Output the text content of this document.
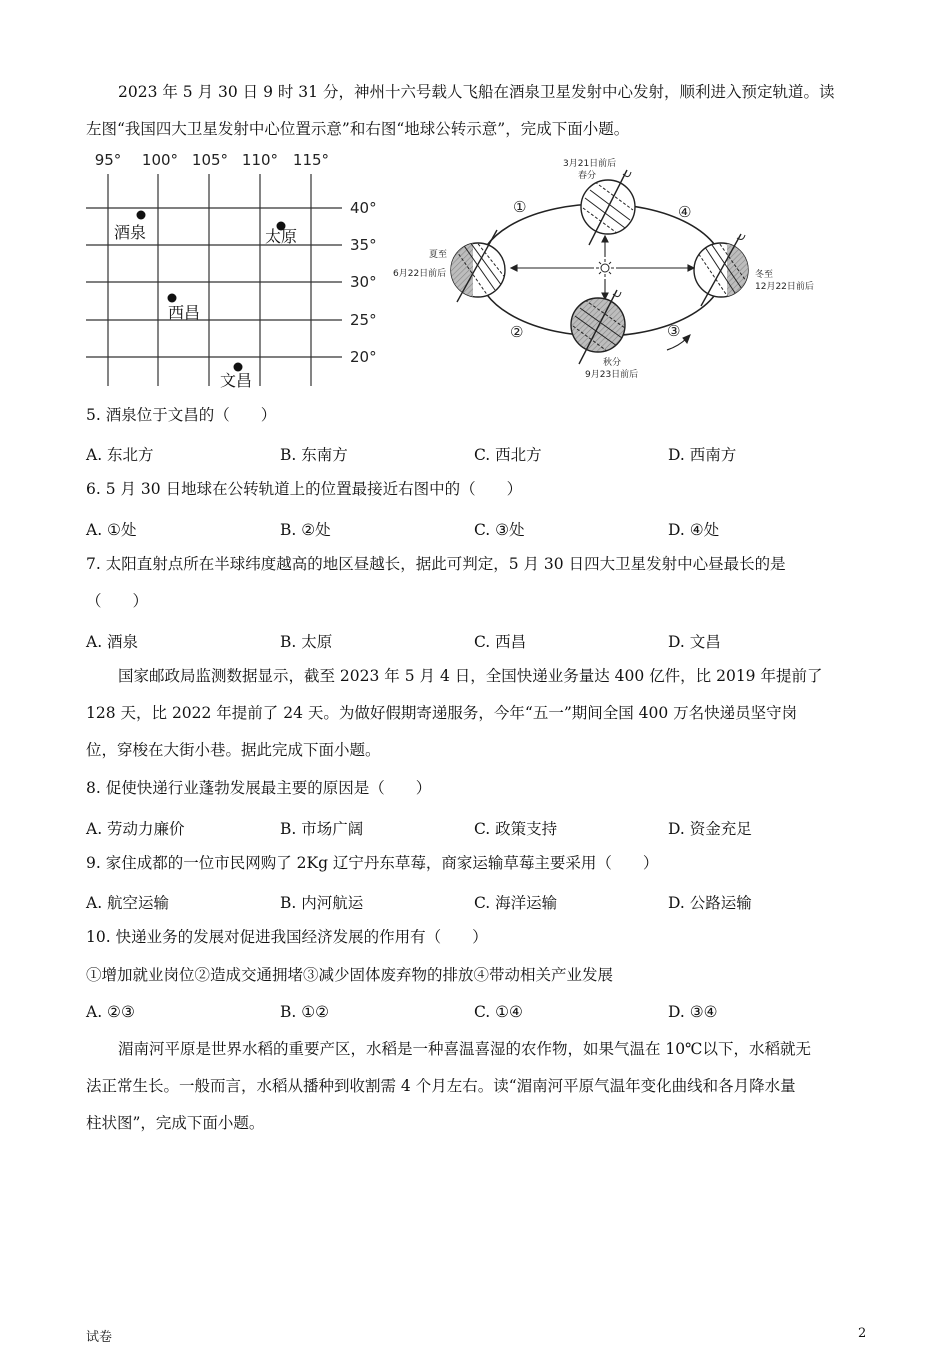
2023 年 5 月 30 日 9 时 31 分，神州十六号载人飞船在酒泉卫星发射中心发射，顺利进入预定轨道。读
左图“我国四大卫星发射中心位置示意”和右图“地球公转示意”，完成下面小题。
95° 100° 105° 110° 115°
40°
35°
30°
25°
20°
酒泉	太原
西昌
文昌
3月21日前后
春分
夏至
6月22日前后	冬至
12月22日前后
秋分
9月23日前后
①
②	③
④
5. 酒泉位于文昌的（　　）
A. 东北方	B. 东南方	C. 西北方	D. 西南方
6. 5 月 30 日地球在公转轨道上的位置最接近右图中的（　　）
A. ①处	B. ②处	C. ③处	D. ④处
7. 太阳直射点所在半球纬度越高的地区昼越长，据此可判定，5 月 30 日四大卫星发射中心昼最长的是
（　　）
A. 酒泉	B. 太原	C. 西昌	D. 文昌
国家邮政局监测数据显示，截至 2023 年 5 月 4 日，全国快递业务量达 400 亿件，比 2019 年提前了
128 天，比 2022 年提前了 24 天。为做好假期寄递服务，今年“五一”期间全国 400 万名快递员坚守岗
位，穿梭在大街小巷。据此完成下面小题。
8. 促使快递行业蓬勃发展最主要的原因是（　　）
A. 劳动力廉价	B. 市场广阔	C. 政策支持	D. 资金充足
9. 家住成都的一位市民网购了 2Kg 辽宁丹东草莓，商家运输草莓主要采用（　　）
A. 航空运输	B. 内河航运	C. 海洋运输	D. 公路运输
10. 快递业务的发展对促进我国经济发展的作用有（　　）
①增加就业岗位②造成交通拥堵③减少固体废弃物的排放④带动相关产业发展
A. ②③	B. ①②	C. ①④	D. ③④
湄南河平原是世界水稻的重要产区，水稻是一种喜温喜湿的农作物，如果气温在 10℃以下，水稻就无
法正常生长。一般而言，水稻从播种到收割需 4 个月左右。读“湄南河平原气温年变化曲线和各月降水量
柱状图”，完成下面小题。
试卷	2
